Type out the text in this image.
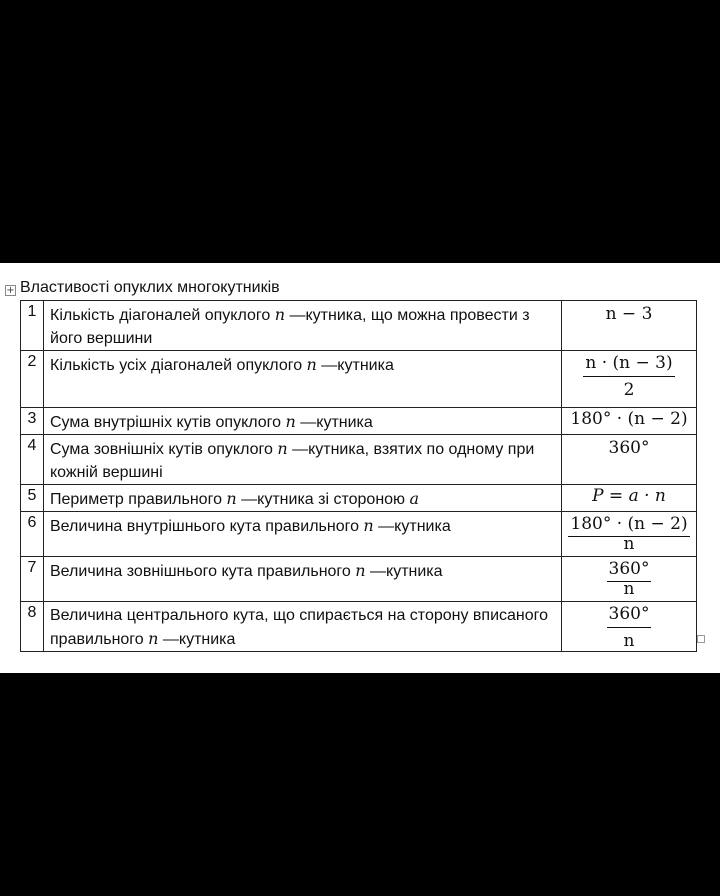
+ Властивості опуклих многокутників
1	Кількість діагоналей опуклого n —кутника, що можна провести з його вершини	n − 3
2	Кількість усіх діагоналей опуклого n —кутника	$\frac{n \cdot (n - 3)}{2}$

3	Сума внутрішніх кутів опуклого n —кутника	180° · (n − 2)
4	Сума зовнішніх кутів опуклого n —кутника, взятих по одному при кожній вершині	360°
5	Периметр правильного n —кутника зі стороною a	P = a · n
6	Величина внутрішнього кута правильного n —кутника	$\frac{180^\circ \cdot (n - 2)}{n}$

7	Величина зовнішнього кута правильного n —кутника	$\frac{360^\circ}{n}$

8	Величина центрального кута, що спирається на сторону вписаного правильного n —кутника	$\frac{360^\circ}{n}$
